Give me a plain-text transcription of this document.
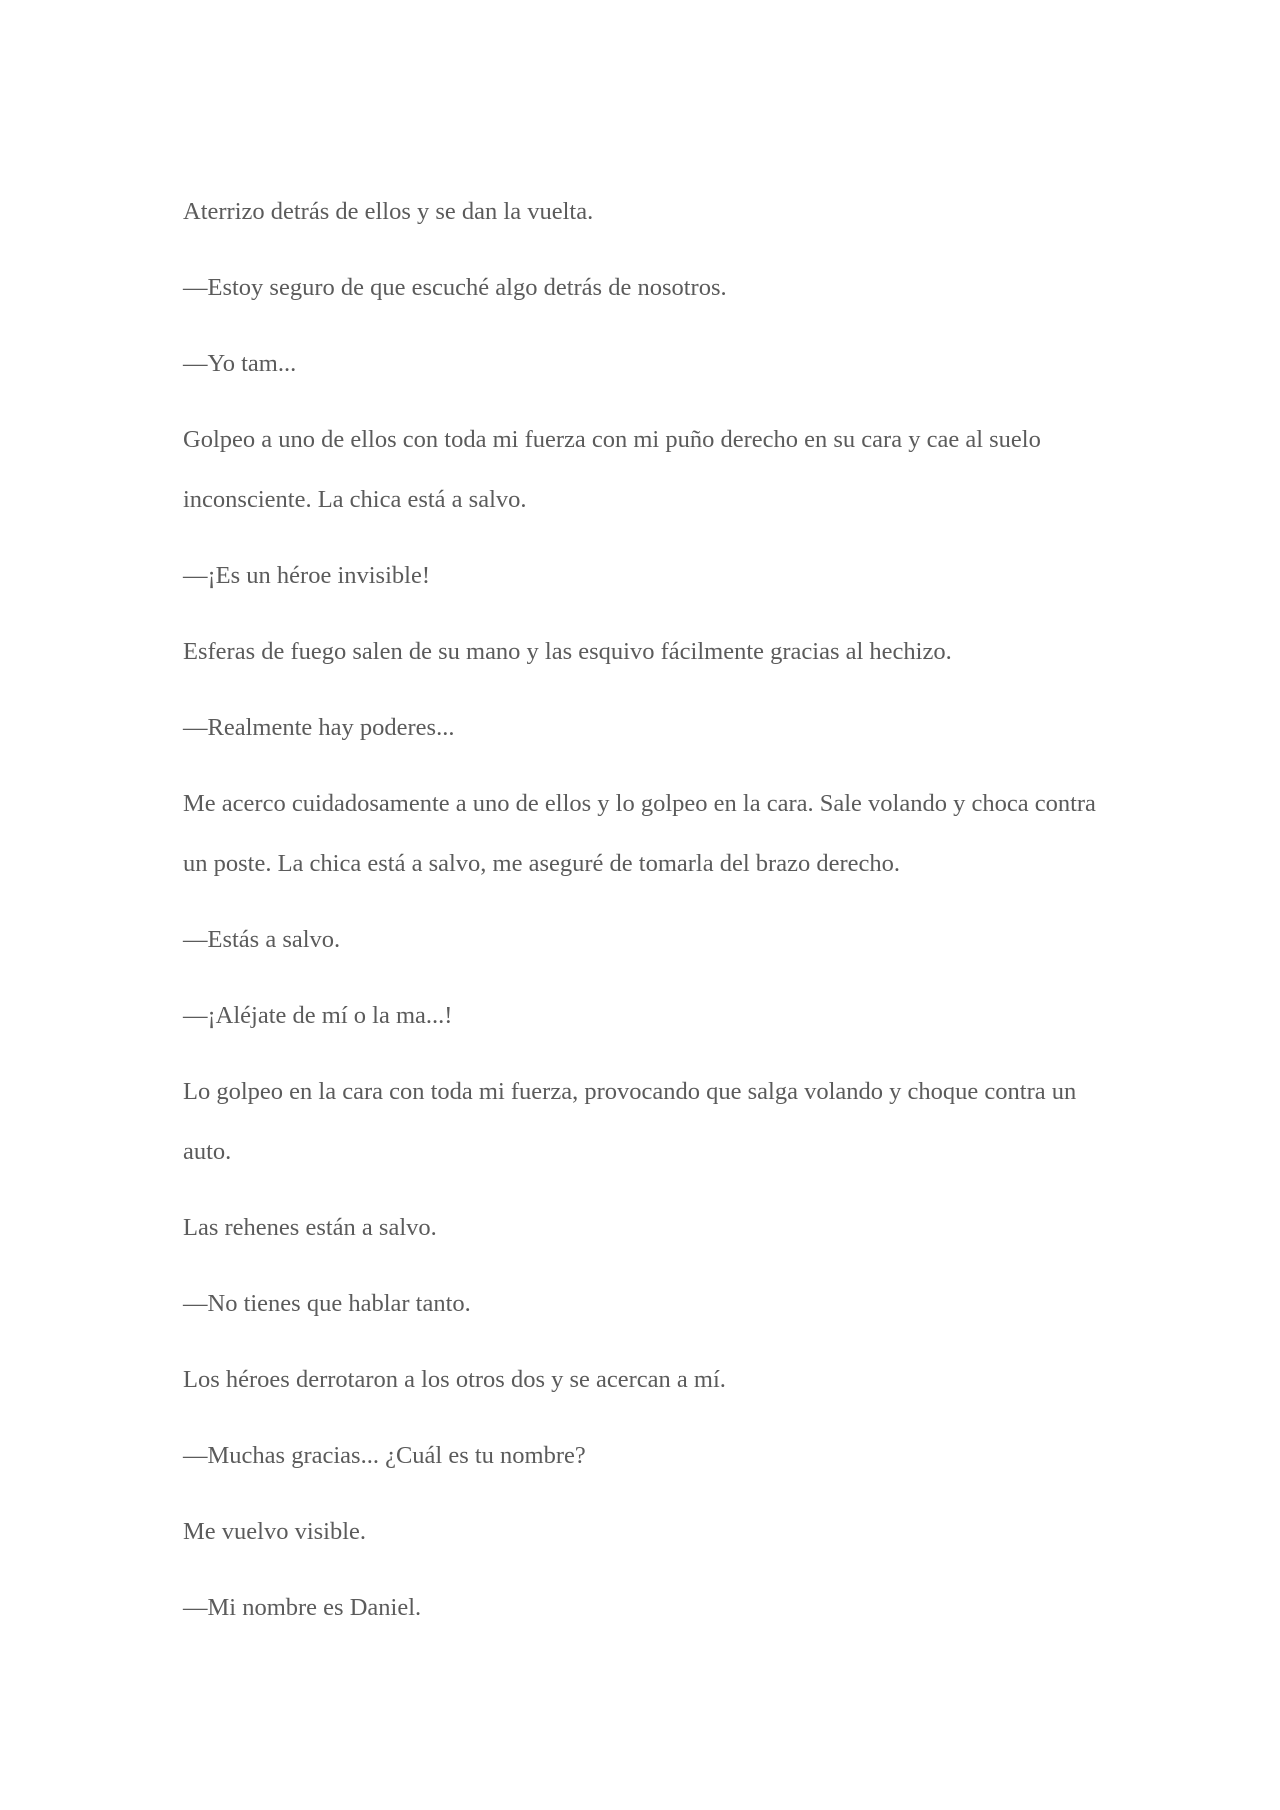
Aterrizo detrás de ellos y se dan la vuelta.

—Estoy seguro de que escuché algo detrás de nosotros.

—Yo tam...

Golpeo a uno de ellos con toda mi fuerza con mi puño derecho en su cara y cae al suelo inconsciente. La chica está a salvo.

—¡Es un héroe invisible!

Esferas de fuego salen de su mano y las esquivo fácilmente gracias al hechizo.

—Realmente hay poderes...

Me acerco cuidadosamente a uno de ellos y lo golpeo en la cara. Sale volando y choca contra un poste. La chica está a salvo, me aseguré de tomarla del brazo derecho.

—Estás a salvo.

—¡Aléjate de mí o la ma...!

Lo golpeo en la cara con toda mi fuerza, provocando que salga volando y choque contra un auto.

Las rehenes están a salvo.

—No tienes que hablar tanto.

Los héroes derrotaron a los otros dos y se acercan a mí.

—Muchas gracias... ¿Cuál es tu nombre?

Me vuelvo visible.

—Mi nombre es Daniel.
